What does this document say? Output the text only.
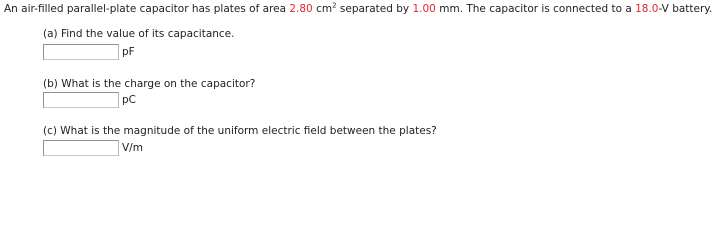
An air-filled parallel-plate capacitor has plates of area 2.80 $cm^2$ separated by 1.00 mm. The capacitor is connected to a 18.0-V battery.
(a) Find the value of its capacitance.
pF
(b) What is the charge on the capacitor?
pC
(c) What is the magnitude of the uniform electric field between the plates?
V/m
